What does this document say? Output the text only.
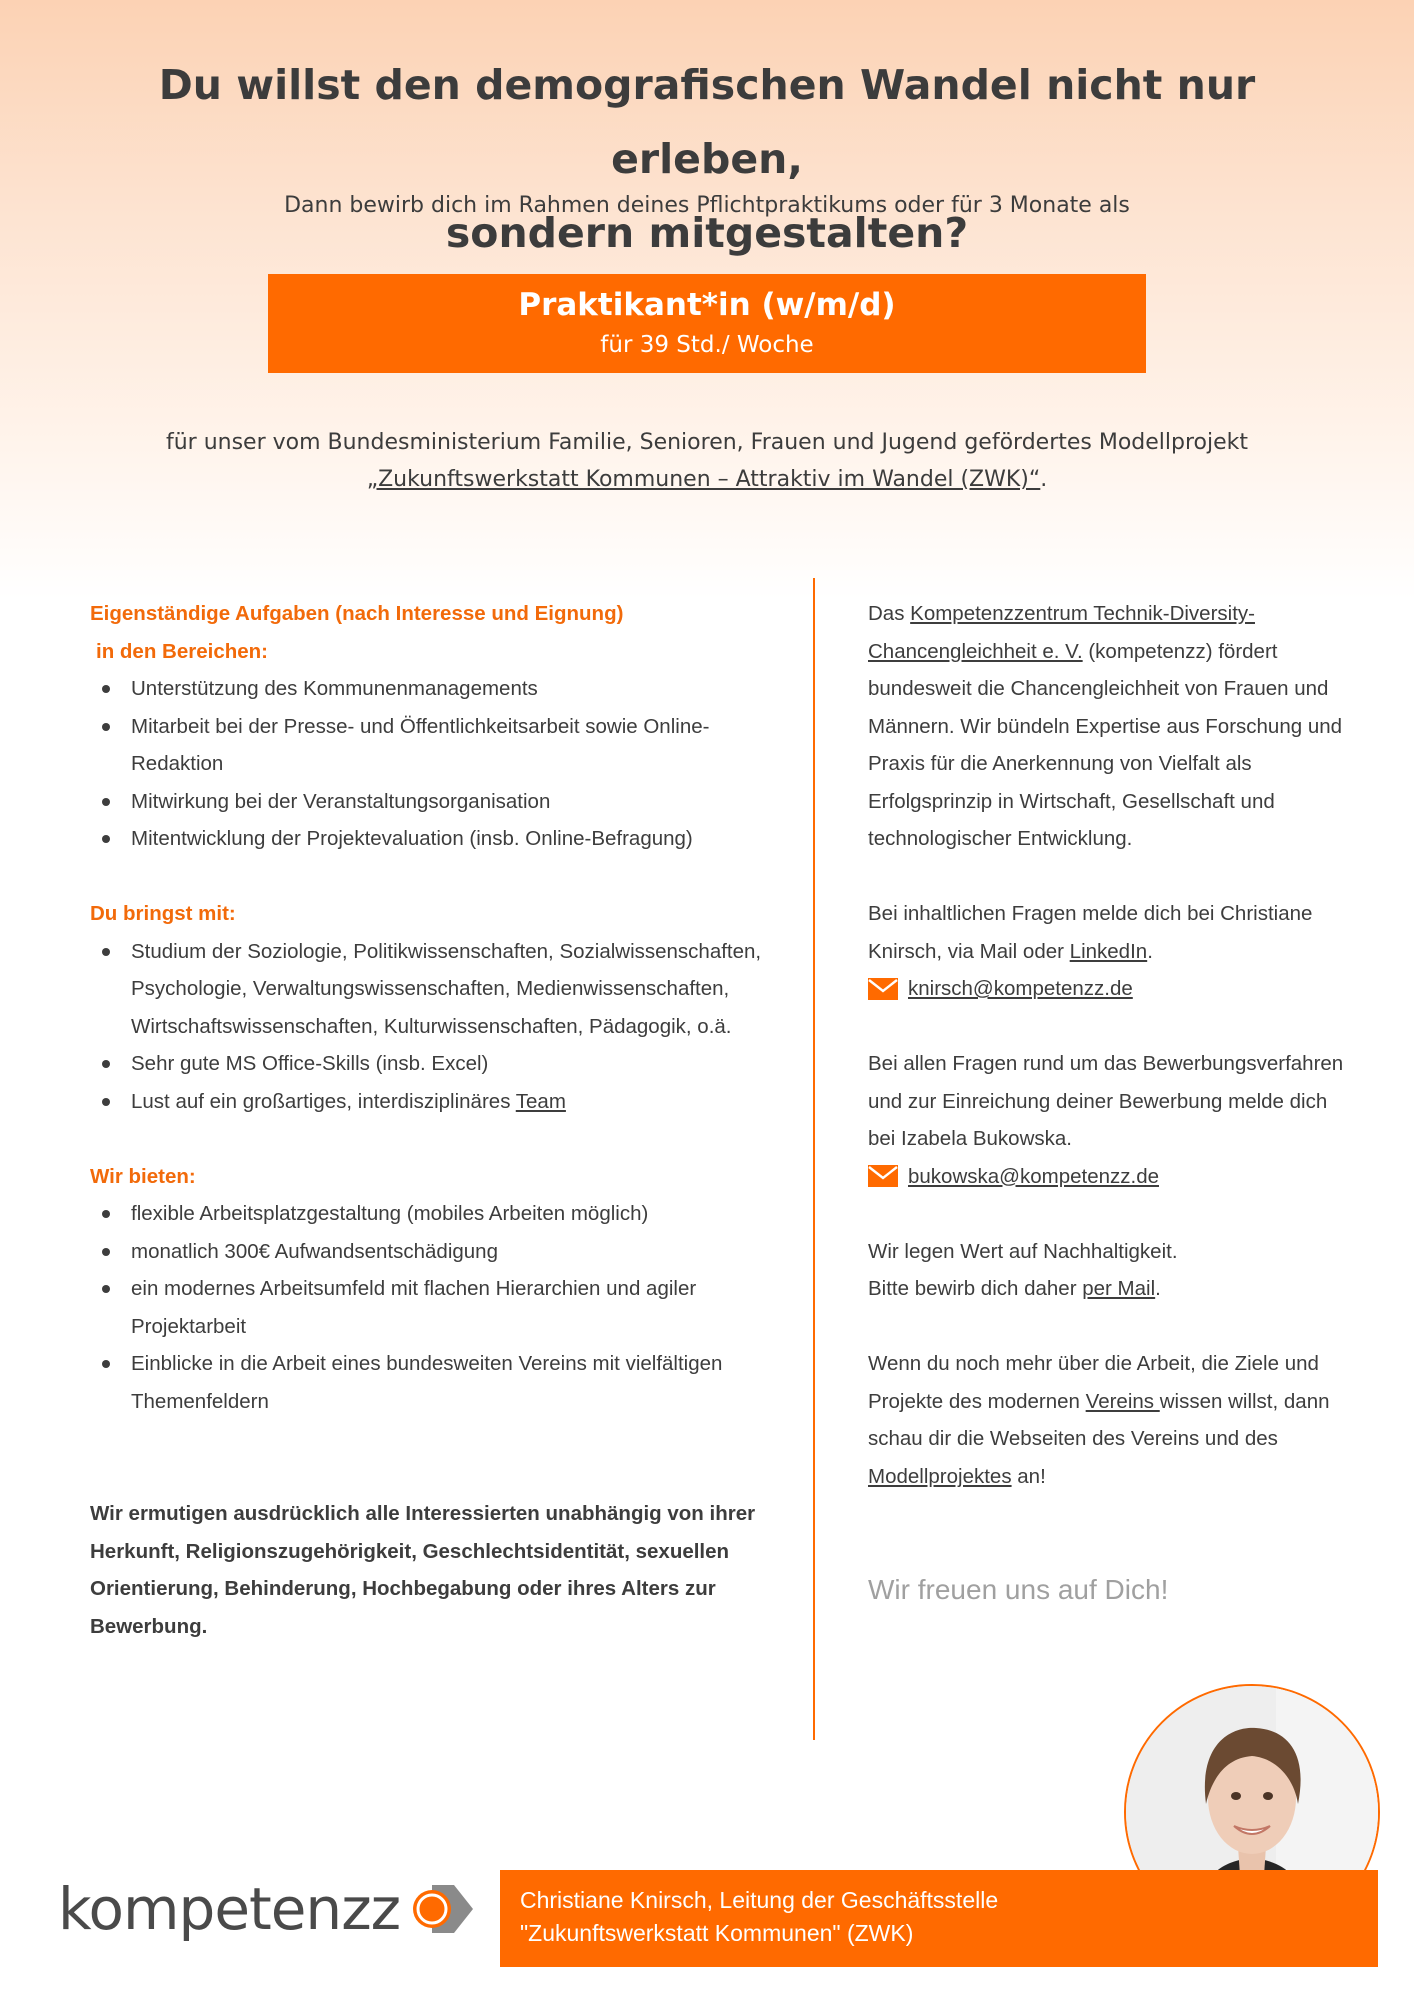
Du willst den demografischen Wandel nicht nur erleben,
sondern mitgestalten?

Dann bewirb dich im Rahmen deines Pflichtpraktikums oder für 3 Monate als

Praktikant*in (w/m/d)
für 39 Std./ Woche

für unser vom Bundesministerium Familie, Senioren, Frauen und Jugend gefördertes Modellprojekt
„Zukunftswerkstatt Kommunen – Attraktiv im Wandel (ZWK)“.

Eigenständige Aufgaben (nach Interesse und Eignung)
in den Bereichen:

Unterstützung des Kommunenmanagements
Mitarbeit bei der Presse- und Öffentlichkeitsarbeit sowie Online-Redaktion
Mitwirkung bei der Veranstaltungsorganisation
Mitentwicklung der Projektevaluation (insb. Online-Befragung)

Du bringst mit:

Studium der Soziologie, Politikwissenschaften, Sozialwissenschaften, Psychologie, Verwaltungswissenschaften, Medienwissenschaften, Wirtschaftswissenschaften, Kulturwissenschaften, Pädagogik, o.ä.
Sehr gute MS Office-Skills (insb. Excel)
Lust auf ein großartiges, interdisziplinäres Team

Wir bieten:

flexible Arbeitsplatzgestaltung (mobiles Arbeiten möglich)
monatlich 300€ Aufwandsentschädigung
ein modernes Arbeitsumfeld mit flachen Hierarchien und agiler Projektarbeit
Einblicke in die Arbeit eines bundesweiten Vereins mit vielfältigen Themenfeldern

Wir ermutigen ausdrücklich alle Interessierten unabhängig von ihrer Herkunft, Religionszugehörigkeit, Geschlechtsidentität, sexuellen Orientierung, Behinderung, Hochbegabung oder ihres Alters zur Bewerbung.

Das Kompetenzzentrum Technik-Diversity-Chancengleichheit e. V. (kompetenzz) fördert bundesweit die Chancengleichheit von Frauen und Männern. Wir bündeln Expertise aus Forschung und Praxis für die Anerkennung von Vielfalt als Erfolgsprinzip in Wirtschaft, Gesellschaft und technologischer Entwicklung.

Bei inhaltlichen Fragen melde dich bei Christiane Knirsch, via Mail oder LinkedIn.

knirsch@kompetenzz.de

Bei allen Fragen rund um das Bewerbungsverfahren und zur Einreichung deiner Bewerbung melde dich bei Izabela Bukowska.

bukowska@kompetenzz.de

Wir legen Wert auf Nachhaltigkeit.
Bitte bewirb dich daher per Mail.

Wenn du noch mehr über die Arbeit, die Ziele und Projekte des modernen Vereins wissen willst, dann schau dir die Webseiten des Vereins und des Modellprojektes an!

Wir freuen uns auf Dich!

Christiane Knirsch, Leitung der Geschäftsstelle
"Zukunftswerkstatt Kommunen" (ZWK)
kompetenzz
